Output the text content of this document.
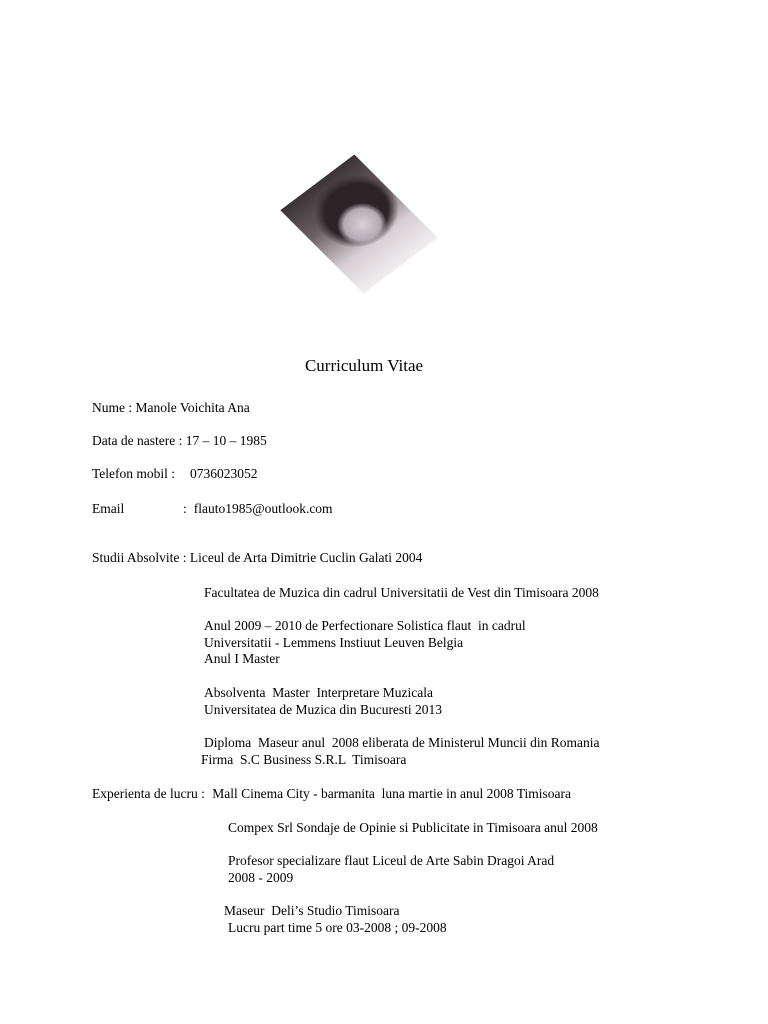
Curriculum Vitae
Nume : Manole Voichita Ana
Data de nastere : 17 – 10 – 1985
Telefon mobil : 0736023052
Email	: flauto1985@outlook.com
Studii Absolvite : Liceul de Arta Dimitrie Cuclin Galati 2004
Facultatea de Muzica din cadrul Universitatii de Vest din Timisoara 2008
Anul 2009 – 2010 de Perfectionare Solistica flaut  in cadrul
Universitatii - Lemmens Instiuut Leuven Belgia
Anul I Master
Absolventa  Master  Interpretare Muzicala
Universitatea de Muzica din Bucuresti 2013
Diploma  Maseur anul  2008 eliberata de Ministerul Muncii din Romania
Firma  S.C Business S.R.L  Timisoara
Experienta de lucru : Mall Cinema City - barmanita  luna martie in anul 2008 Timisoara
Compex Srl Sondaje de Opinie si Publicitate in Timisoara anul 2008
Profesor specializare flaut Liceul de Arte Sabin Dragoi Arad
2008 - 2009
Maseur  Deli’s Studio Timisoara
Lucru part time 5 ore 03-2008 ; 09-2008
